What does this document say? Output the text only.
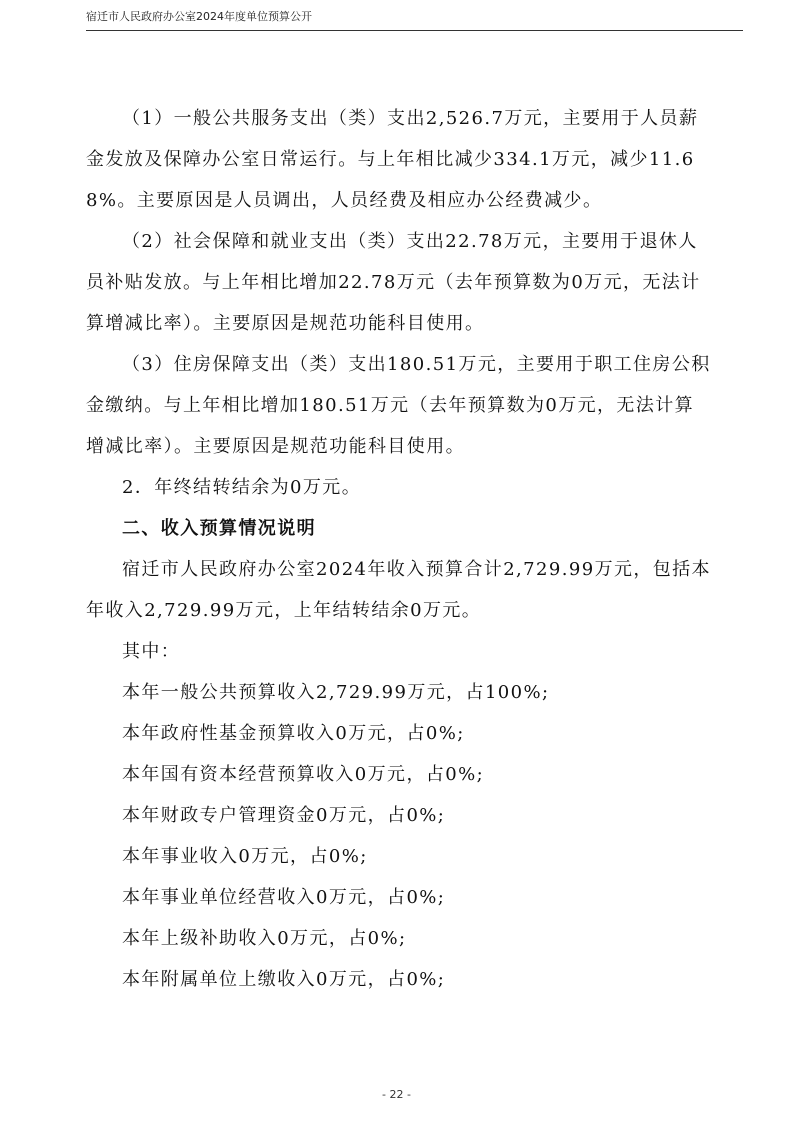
宿迁市人民政府办公室2024年度单位预算公开

（1）一般公共服务支出（类）支出2,526.7万元，主要用于人员薪金发放及保障办公室日常运行。与上年相比减少334.1万元，减少11.68%。主要原因是人员调出，人员经费及相应办公经费减少。

（2）社会保障和就业支出（类）支出22.78万元，主要用于退休人员补贴发放。与上年相比增加22.78万元（去年预算数为0万元，无法计算增减比率）。主要原因是规范功能科目使用。

（3）住房保障支出（类）支出180.51万元，主要用于职工住房公积金缴纳。与上年相比增加180.51万元（去年预算数为0万元，无法计算增减比率）。主要原因是规范功能科目使用。

2．年终结转结余为0万元。

二、收入预算情况说明

宿迁市人民政府办公室2024年收入预算合计2,729.99万元，包括本年收入2,729.99万元，上年结转结余0万元。

其中：

本年一般公共预算收入2,729.99万元，占100%;

本年政府性基金预算收入0万元，占0%;

本年国有资本经营预算收入0万元，占0%;

本年财政专户管理资金0万元，占0%;

本年事业收入0万元，占0%;

本年事业单位经营收入0万元，占0%;

本年上级补助收入0万元，占0%;

本年附属单位上缴收入0万元，占0%;

- 22 -
